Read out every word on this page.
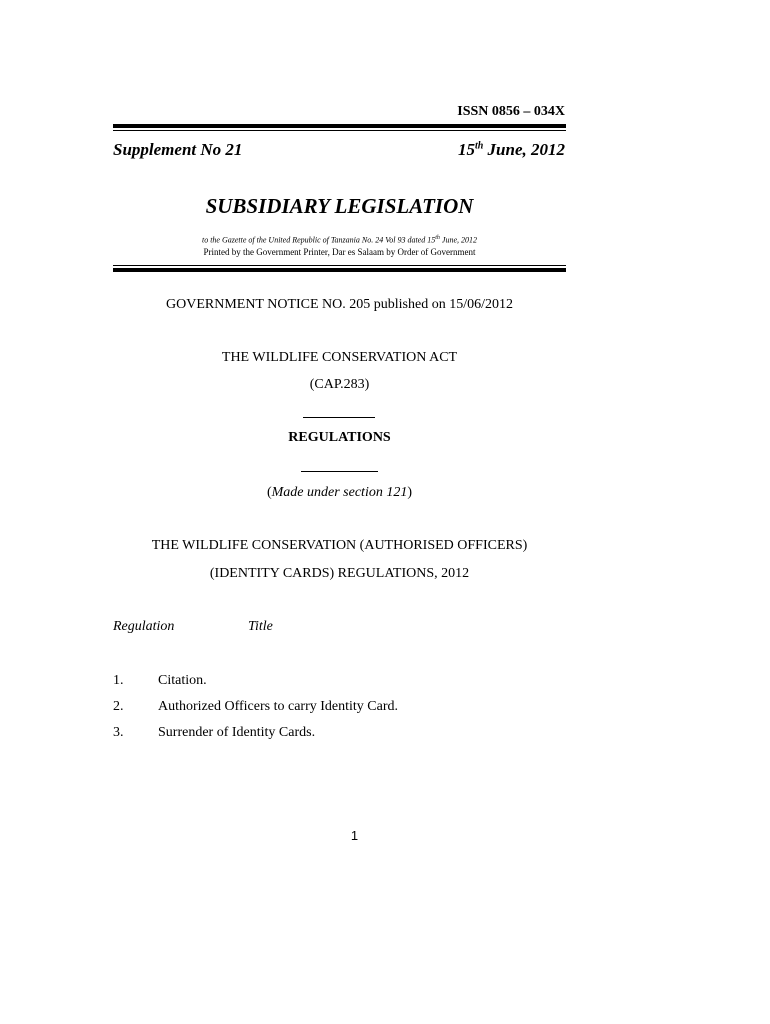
ISSN 0856 – 034X
Supplement No 21	15th June, 2012
SUBSIDIARY LEGISLATION
to the Gazette of the United Republic of Tanzania No. 24 Vol 93 dated 15th June, 2012
Printed by the Government Printer, Dar es Salaam by Order of Government
GOVERNMENT NOTICE NO. 205 published on 15/06/2012
THE WILDLIFE CONSERVATION ACT
(CAP.283)
REGULATIONS
(Made under section 121)
THE WILDLIFE CONSERVATION (AUTHORISED OFFICERS)
(IDENTITY CARDS) REGULATIONS, 2012
Regulation	Title
1. Citation.
2. Authorized Officers to carry Identity Card.
3. Surrender of Identity Cards.
1
